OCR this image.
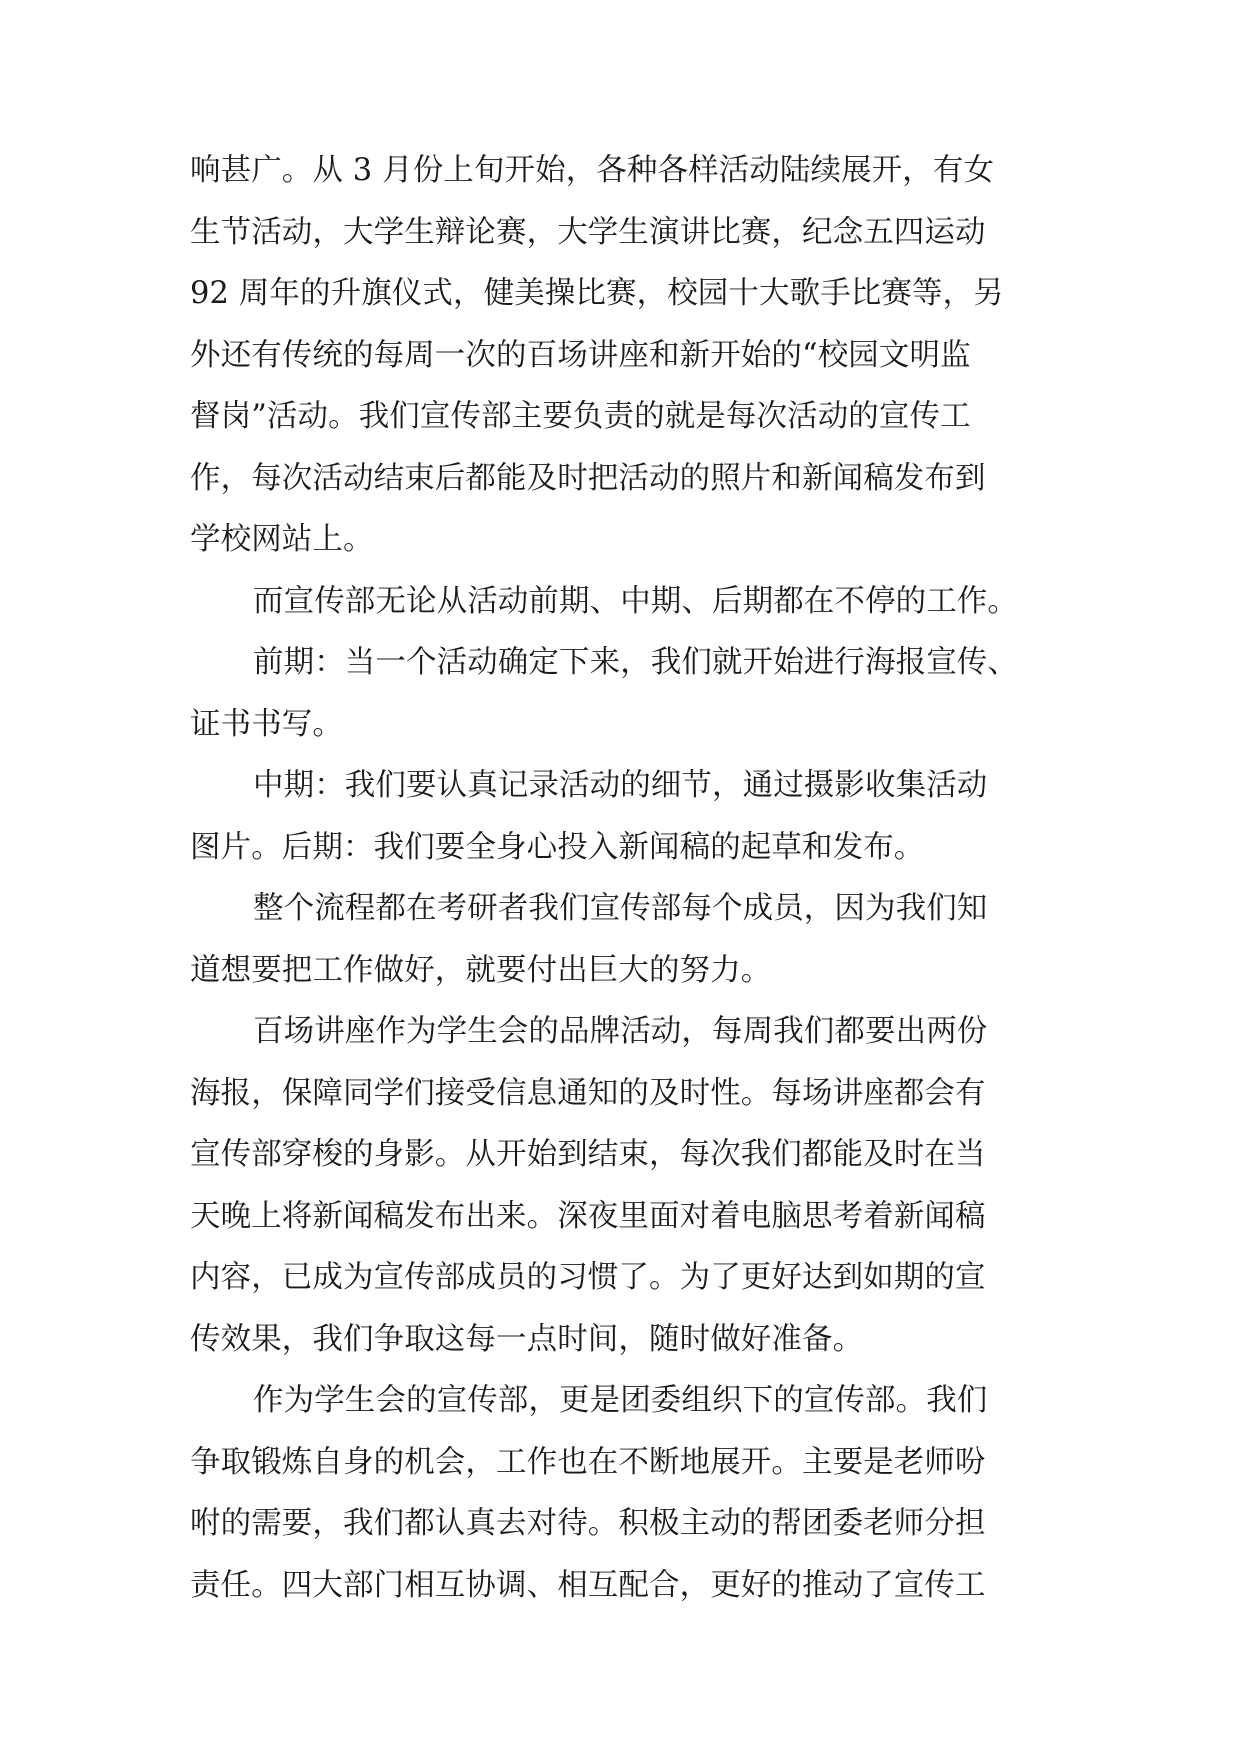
响甚广。从 3 月份上旬开始，各种各样活动陆续展开，有女
生节活动，大学生辩论赛，大学生演讲比赛，纪念五四运动
92 周年的升旗仪式，健美操比赛，校园十大歌手比赛等，另
外还有传统的每周一次的百场讲座和新开始的“校园文明监
督岗”活动。我们宣传部主要负责的就是每次活动的宣传工
作，每次活动结束后都能及时把活动的照片和新闻稿发布到
学校网站上。
而宣传部无论从活动前期、中期、后期都在不停的工作。
前期：当一个活动确定下来，我们就开始进行海报宣传、
证书书写。
中期：我们要认真记录活动的细节，通过摄影收集活动
图片。后期：我们要全身心投入新闻稿的起草和发布。
整个流程都在考研者我们宣传部每个成员，因为我们知
道想要把工作做好，就要付出巨大的努力。
百场讲座作为学生会的品牌活动，每周我们都要出两份
海报，保障同学们接受信息通知的及时性。每场讲座都会有
宣传部穿梭的身影。从开始到结束，每次我们都能及时在当
天晚上将新闻稿发布出来。深夜里面对着电脑思考着新闻稿
内容，已成为宣传部成员的习惯了。为了更好达到如期的宣
传效果，我们争取这每一点时间，随时做好准备。
作为学生会的宣传部，更是团委组织下的宣传部。我们
争取锻炼自身的机会，工作也在不断地展开。主要是老师吩
咐的需要，我们都认真去对待。积极主动的帮团委老师分担
责任。四大部门相互协调、相互配合，更好的推动了宣传工
